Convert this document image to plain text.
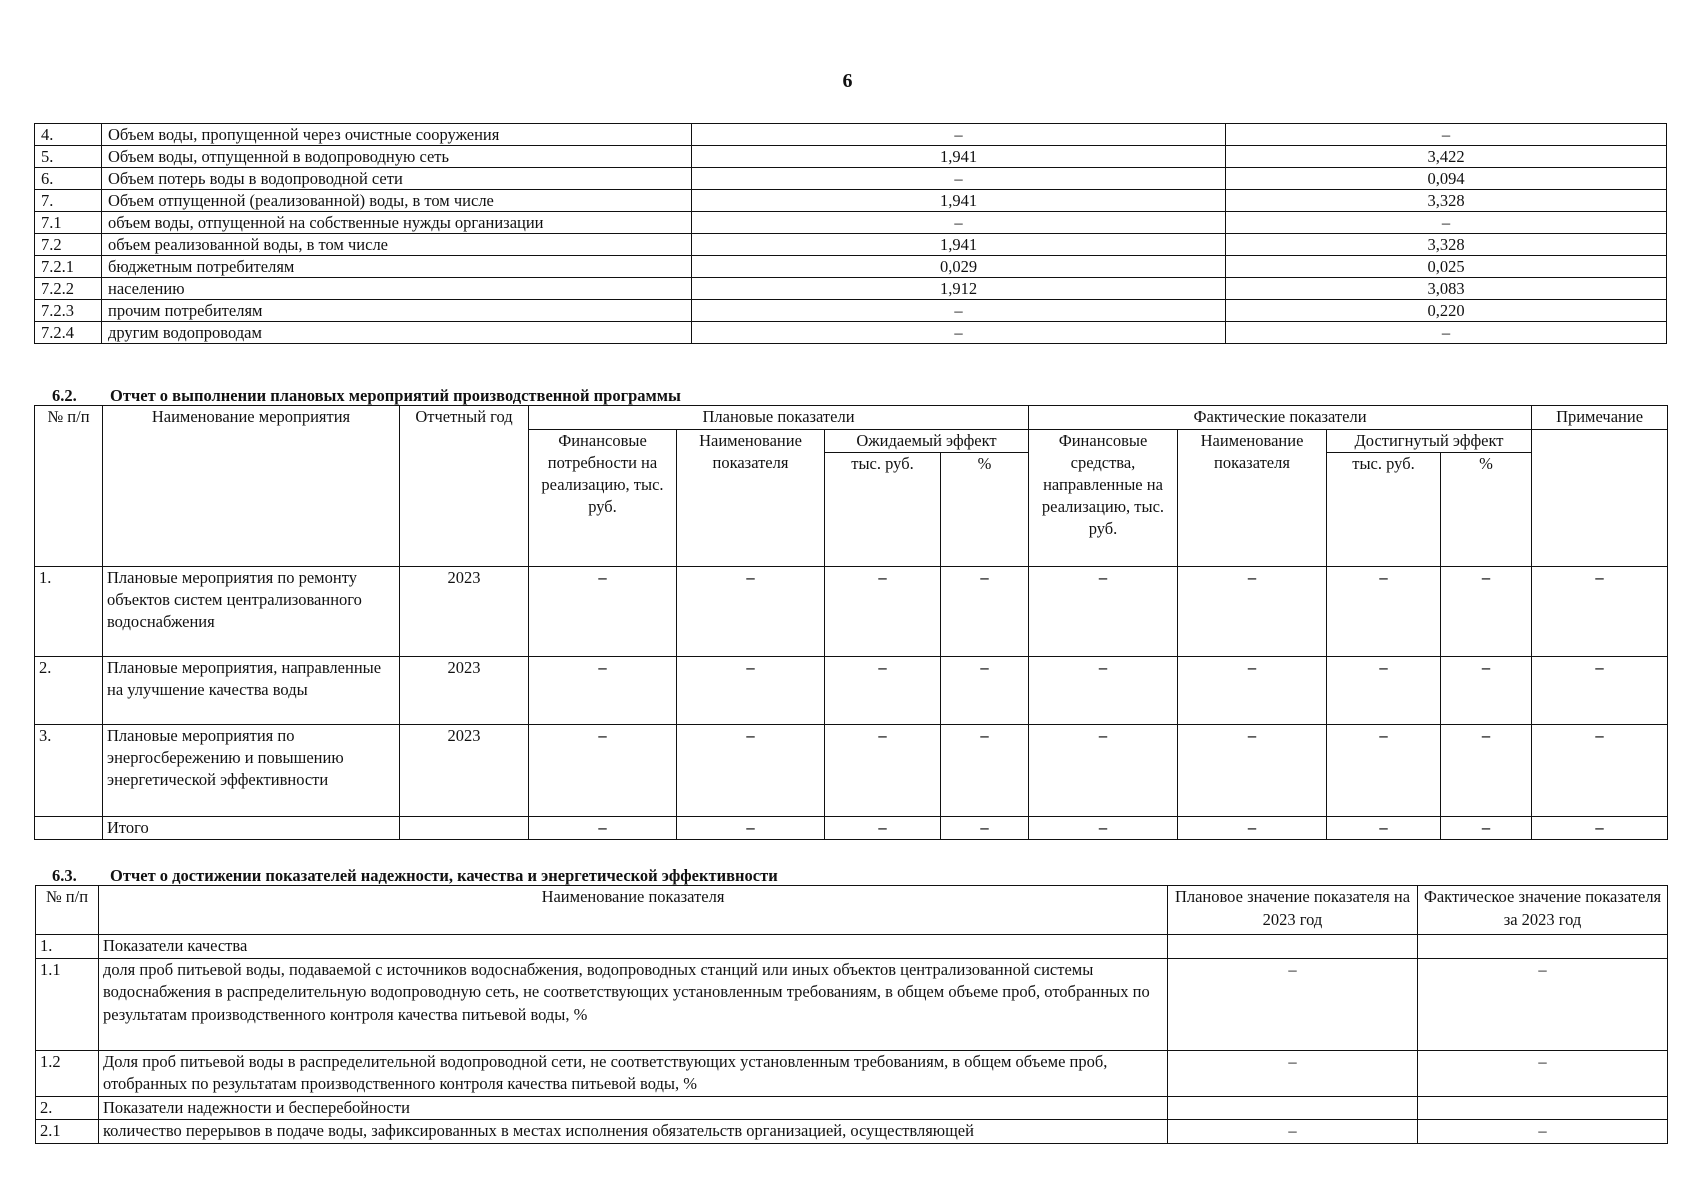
6
4.	Объем воды, пропущенной через очистные сооружения	–	–
5.	Объем воды, отпущенной в водопроводную сеть	1,941	3,422
6.	Объем потерь воды в водопроводной сети	–	0,094
7.	Объем отпущенной (реализованной) воды, в том числе	1,941	3,328
7.1	объем воды, отпущенной на собственные нужды организации	–	–
7.2	объем реализованной воды, в том числе	1,941	3,328
7.2.1	бюджетным потребителям	0,029	0,025
7.2.2	населению	1,912	3,083
7.2.3	прочим потребителям	–	0,220
7.2.4	другим водопроводам	–	–
6.2. Отчет о выполнении плановых мероприятий производственной программы
№ п/п	Наименование мероприятия	Отчетный год	Плановые показатели				Фактические показатели				Примечание
			Финансовые потребности на реализацию, тыс. руб.	Наименование показателя	Ожидаемый эффект		Финансовые средства, направленные на реализацию, тыс. руб.	Наименование показателя	Достигнутый эффект		
					тыс. руб.	%			тыс. руб.	%	
1.	Плановые мероприятия по ремонту объектов систем централизованного водоснабжения	2023	–	–	–	–	–	–	–	–	–
2.	Плановые мероприятия, направленные на улучшение качества воды	2023	–	–	–	–	–	–	–	–	–
3.	Плановые мероприятия по энергосбережению и повышению энергетической эффективности	2023	–	–	–	–	–	–	–	–	–
	Итого		–	–	–	–	–	–	–	–	–
6.3. Отчет о достижении показателей надежности, качества и энергетической эффективности
№ п/п	Наименование показателя	Плановое значение показателя на 2023 год	Фактическое значение показателя за 2023 год
1.	Показатели качества		
1.1	доля проб питьевой воды, подаваемой с источников водоснабжения, водопроводных станций или иных объектов централизованной системы водоснабжения в распределительную водопроводную сеть, не соответствующих установленным требованиям, в общем объеме проб, отобранных по результатам производственного контроля качества питьевой воды, %	–	–
1.2	Доля проб питьевой воды в распределительной водопроводной сети, не соответствующих установленным требованиям, в общем объеме проб, отобранных по результатам производственного контроля качества питьевой воды, %	–	–
2.	Показатели надежности и бесперебойности		
2.1	количество перерывов в подаче воды, зафиксированных в местах исполнения обязательств организацией, осуществляющей	–	–
